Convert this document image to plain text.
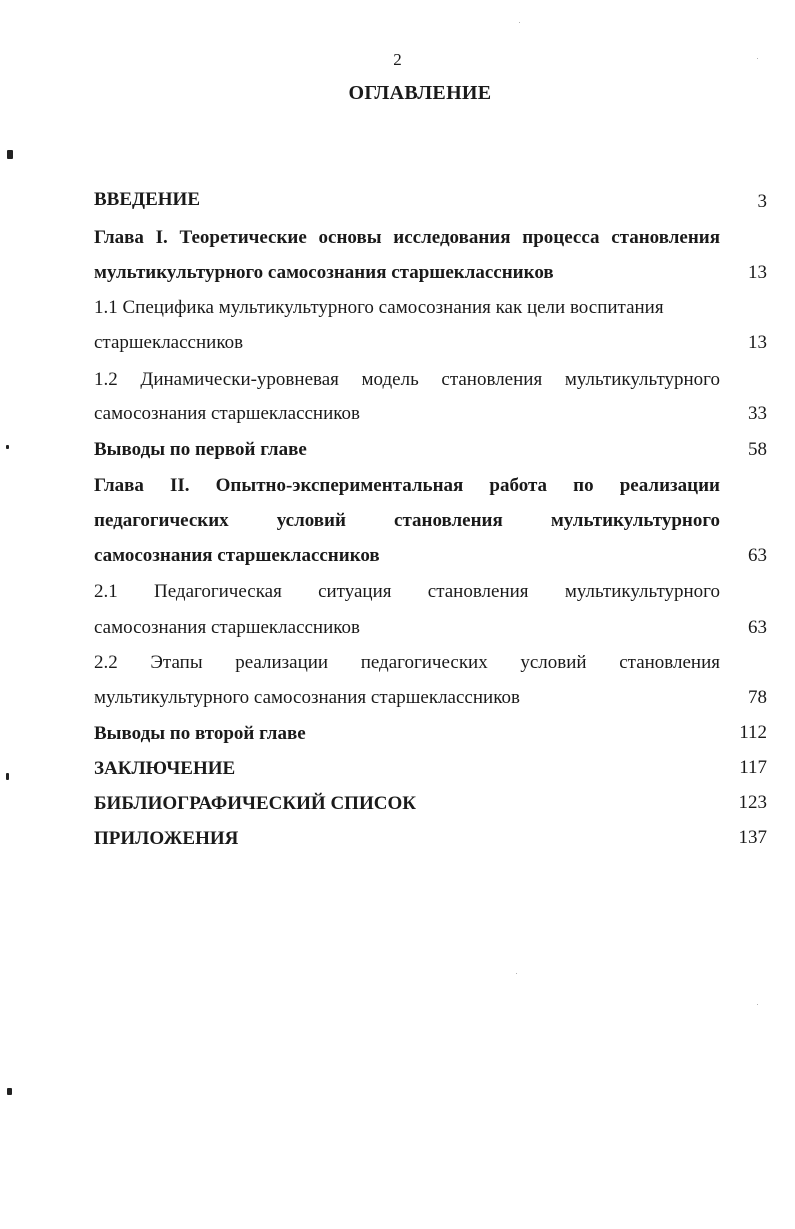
2
ОГЛАВЛЕНИЕ
ВВЕДЕНИЕ	3
Глава I. Теоретические основы исследования процесса становления
мультикультурного самосознания старшеклассников	13
1.1 Специфика мультикультурного самосознания как цели воспитания
старшеклассников	13
1.2 Динамически-уровневая модель становления мультикультурного
самосознания старшеклассников	33
Выводы по первой главе	58
Глава II. Опытно-экспериментальная работа по реализации
педагогических условий становления мультикультурного
самосознания старшеклассников	63
2.1 Педагогическая ситуация становления мультикультурного
самосознания старшеклассников	63
2.2 Этапы реализации педагогических условий становления
мультикультурного самосознания старшеклассников	78
Выводы по второй главе	112
ЗАКЛЮЧЕНИЕ	117
БИБЛИОГРАФИЧЕСКИЙ СПИСОК	123
ПРИЛОЖЕНИЯ	137
